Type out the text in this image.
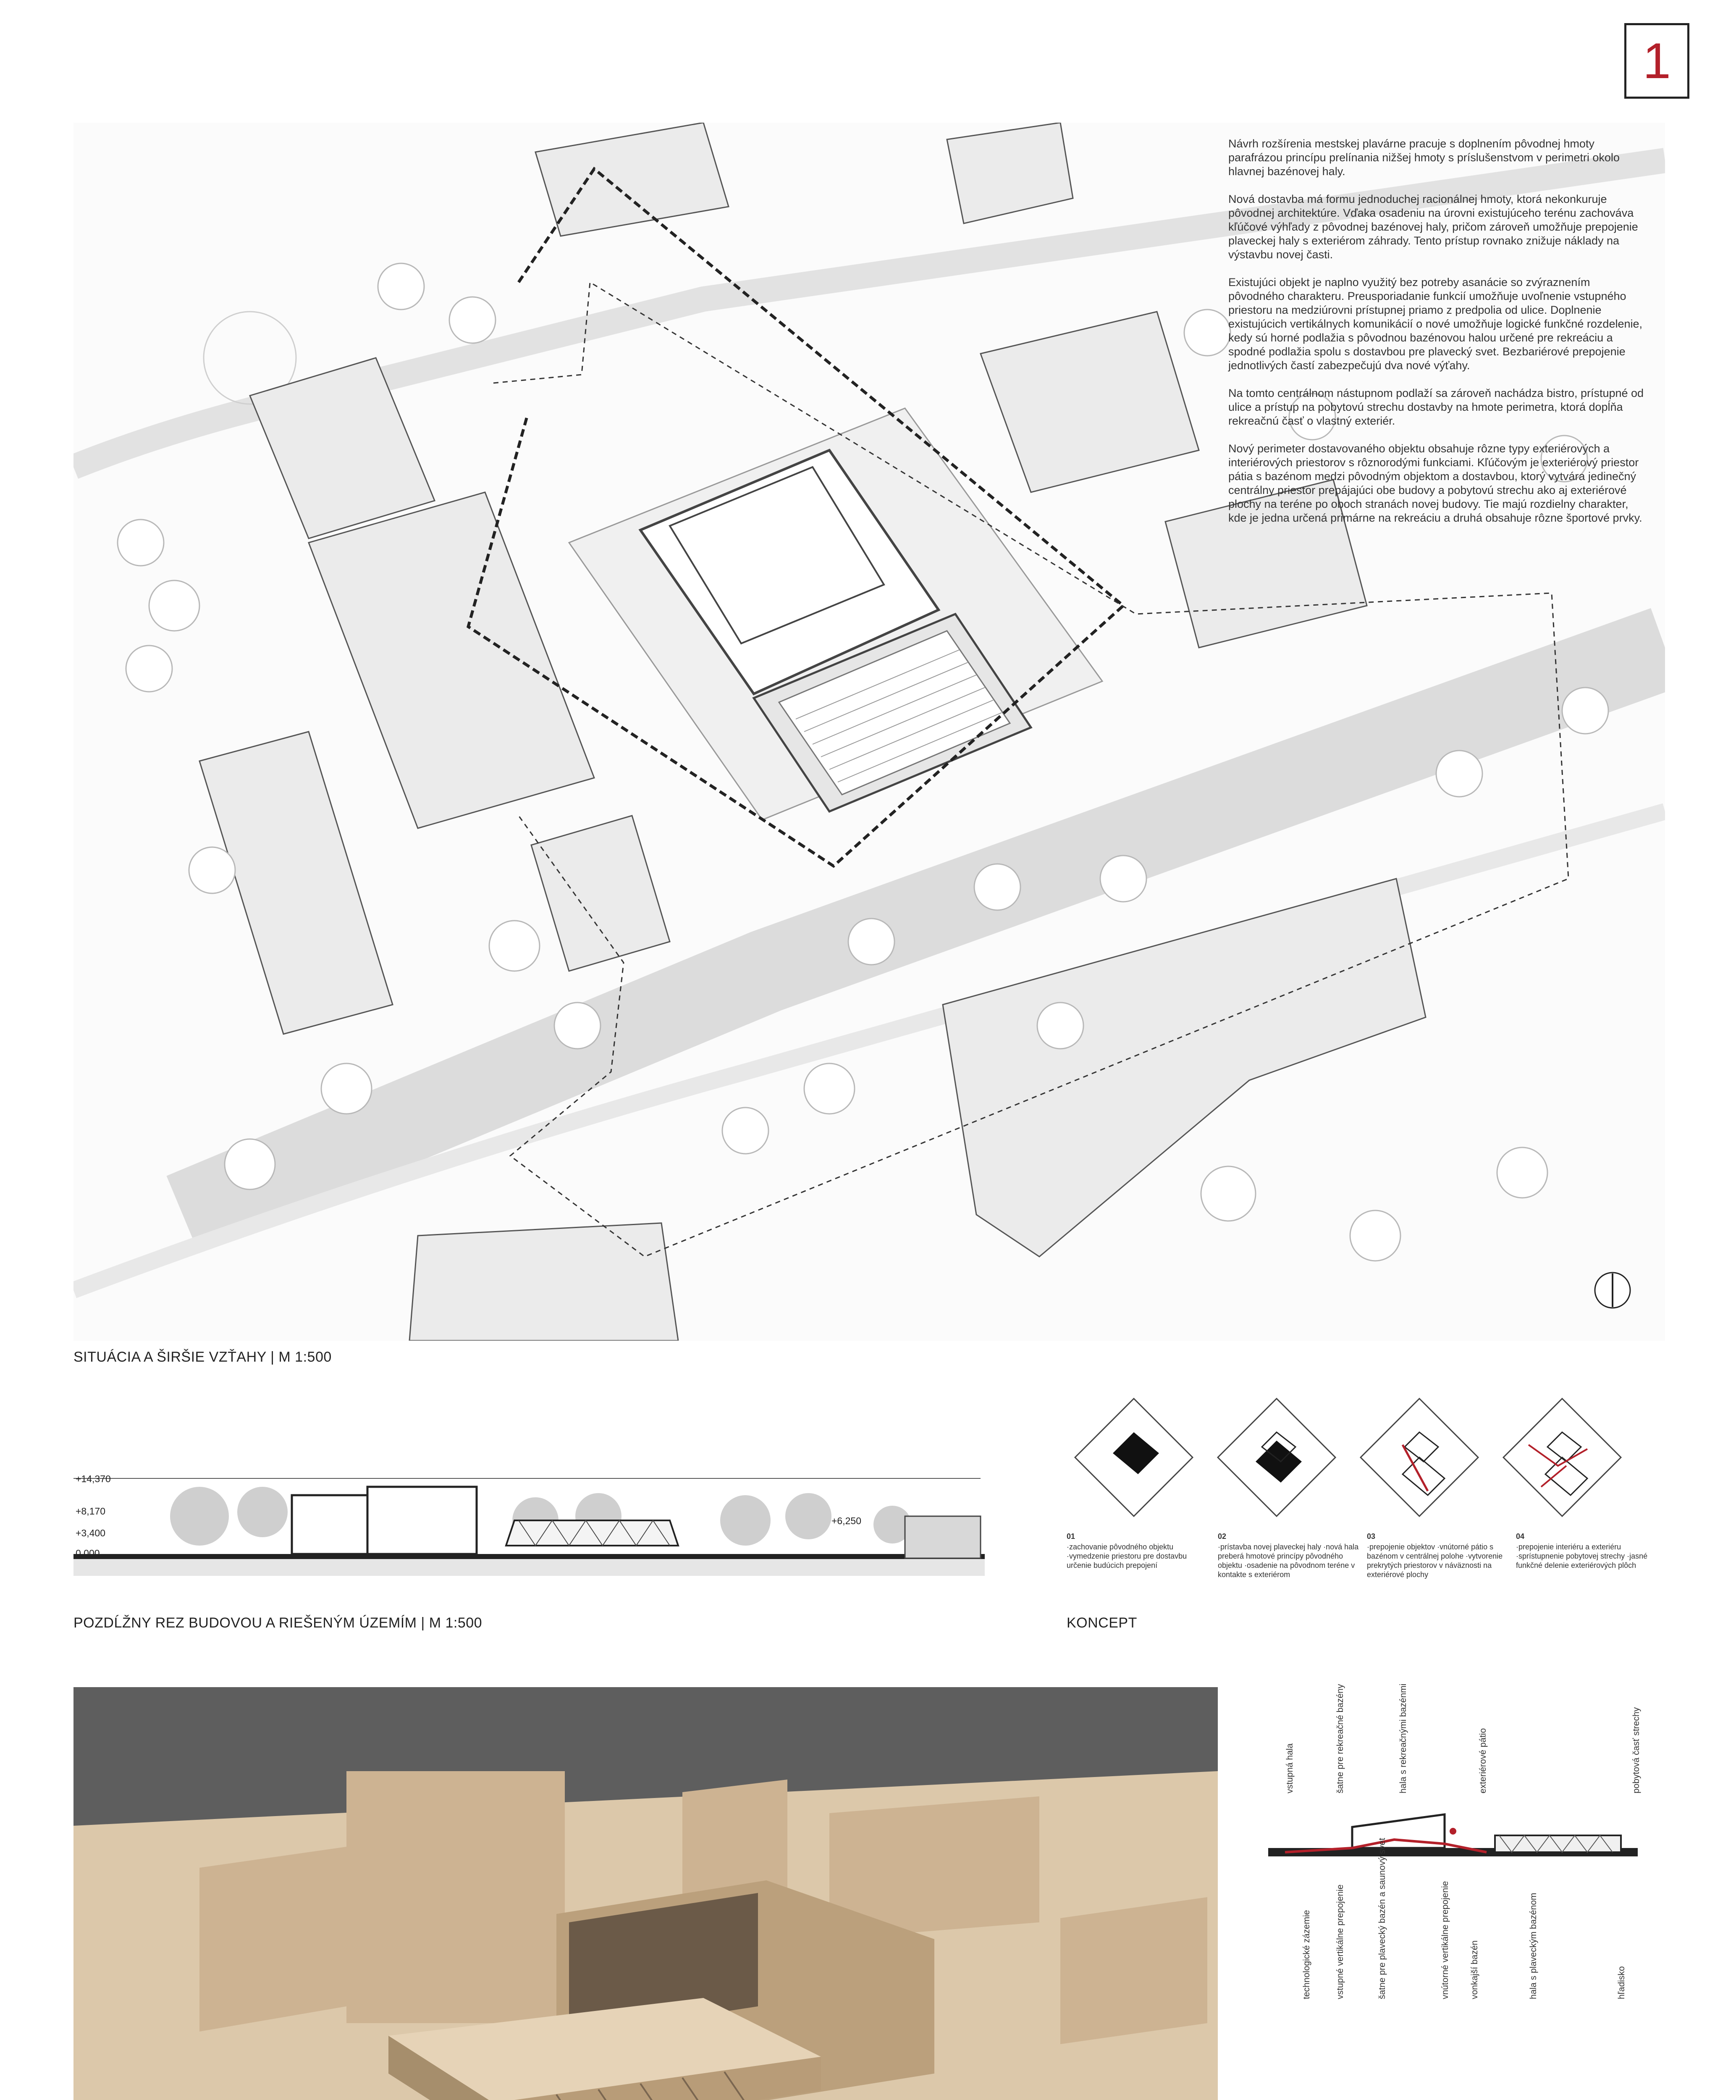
1

Návrh rozšírenia mestskej plavárne pracuje s doplnením pôvodnej hmoty parafrázou princípu prelínania nižšej hmoty s príslušenstvom v perimetri okolo hlavnej bazénovej haly.

Nová dostavba má formu jednoduchej racionálnej hmoty, ktorá nekonkuruje pôvodnej architektúre. Vďaka osadeniu na úrovni existujúceho terénu zachováva kľúčové výhľady z pôvodnej bazénovej haly, pričom zároveň umožňuje prepojenie plaveckej haly s exteriérom záhrady. Tento prístup rovnako znižuje náklady na výstavbu novej časti.

Existujúci objekt je naplno využitý bez potreby asanácie so zvýraznením pôvodného charakteru. Preusporiadanie funkcií umožňuje uvoľnenie vstupného priestoru na medziúrovni prístupnej priamo z predpolia od ulice. Doplnenie existujúcich vertikálnych komunikácií o nové umožňuje logické funkčné rozdelenie, kedy sú horné podlažia s pôvodnou bazénovou halou určené pre rekreáciu a spodné podlažia spolu s dostavbou pre plavecký svet. Bezbariérové prepojenie jednotlivých častí zabezpečujú dva nové výťahy.

Na tomto centrálnom nástupnom podlaží sa zároveň nachádza bistro, prístupné od ulice a prístup na pobytovú strechu dostavby na hmote perimetra, ktorá dopĺňa rekreačnú časť o vlastný exteriér.

Nový perimeter dostavovaného objektu obsahuje rôzne typy exteriérových a interiérových priestorov s rôznorodými funkciami. Kľúčovým je exteriérový priestor pátia s bazénom medzi pôvodným objektom a dostavbou, ktorý vytvára jedinečný centrálny priestor prepájajúci obe budovy a pobytovú strechu ako aj exteriérové plochy na teréne po oboch stranách novej budovy. Tie majú rozdielny charakter, kde je jedna určená primárne na rekreáciu a druhá obsahuje rôzne športové prvky.

SITUÁCIA A ŠIRŠIE VZŤAHY | M 1:500
+14,370
+8,170
+3,400
0,000
+6,250
POZDĹŽNY REZ BUDOVOU A RIEŠENÝM ÚZEMÍM | M 1:500
01
·zachovanie pôvodného objektu ·vymedzenie priestoru pre dostavbu určenie budúcich prepojení
02
·prístavba novej plaveckej haly ·nová hala preberá hmotové princípy pôvodného objektu ·osadenie na pôvodnom teréne v kontakte s exteriérom
03
·prepojenie objektov ·vnútorné pátio s bazénom v centrálnej polohe ·vytvorenie prekrytých priestorov v náväznosti na exteriérové plochy
04
·prepojenie interiéru a exteriéru ·sprístupnenie pobytovej strechy ·jasné funkčné delenie exteriérových plôch
KONCEPT
vstupná hala	šatne pre rekreačné bazény	hala s rekreačnými bazénmi	exteriérové pátio	pobytová časť strechy
technologické zázemie	vstupné vertikálne prepojenie	šatne pre plavecký bazén a saunový svet	vnútorné vertikálne prepojenie vonkajší bazén	hala s plaveckým bazénom	hľadisko
